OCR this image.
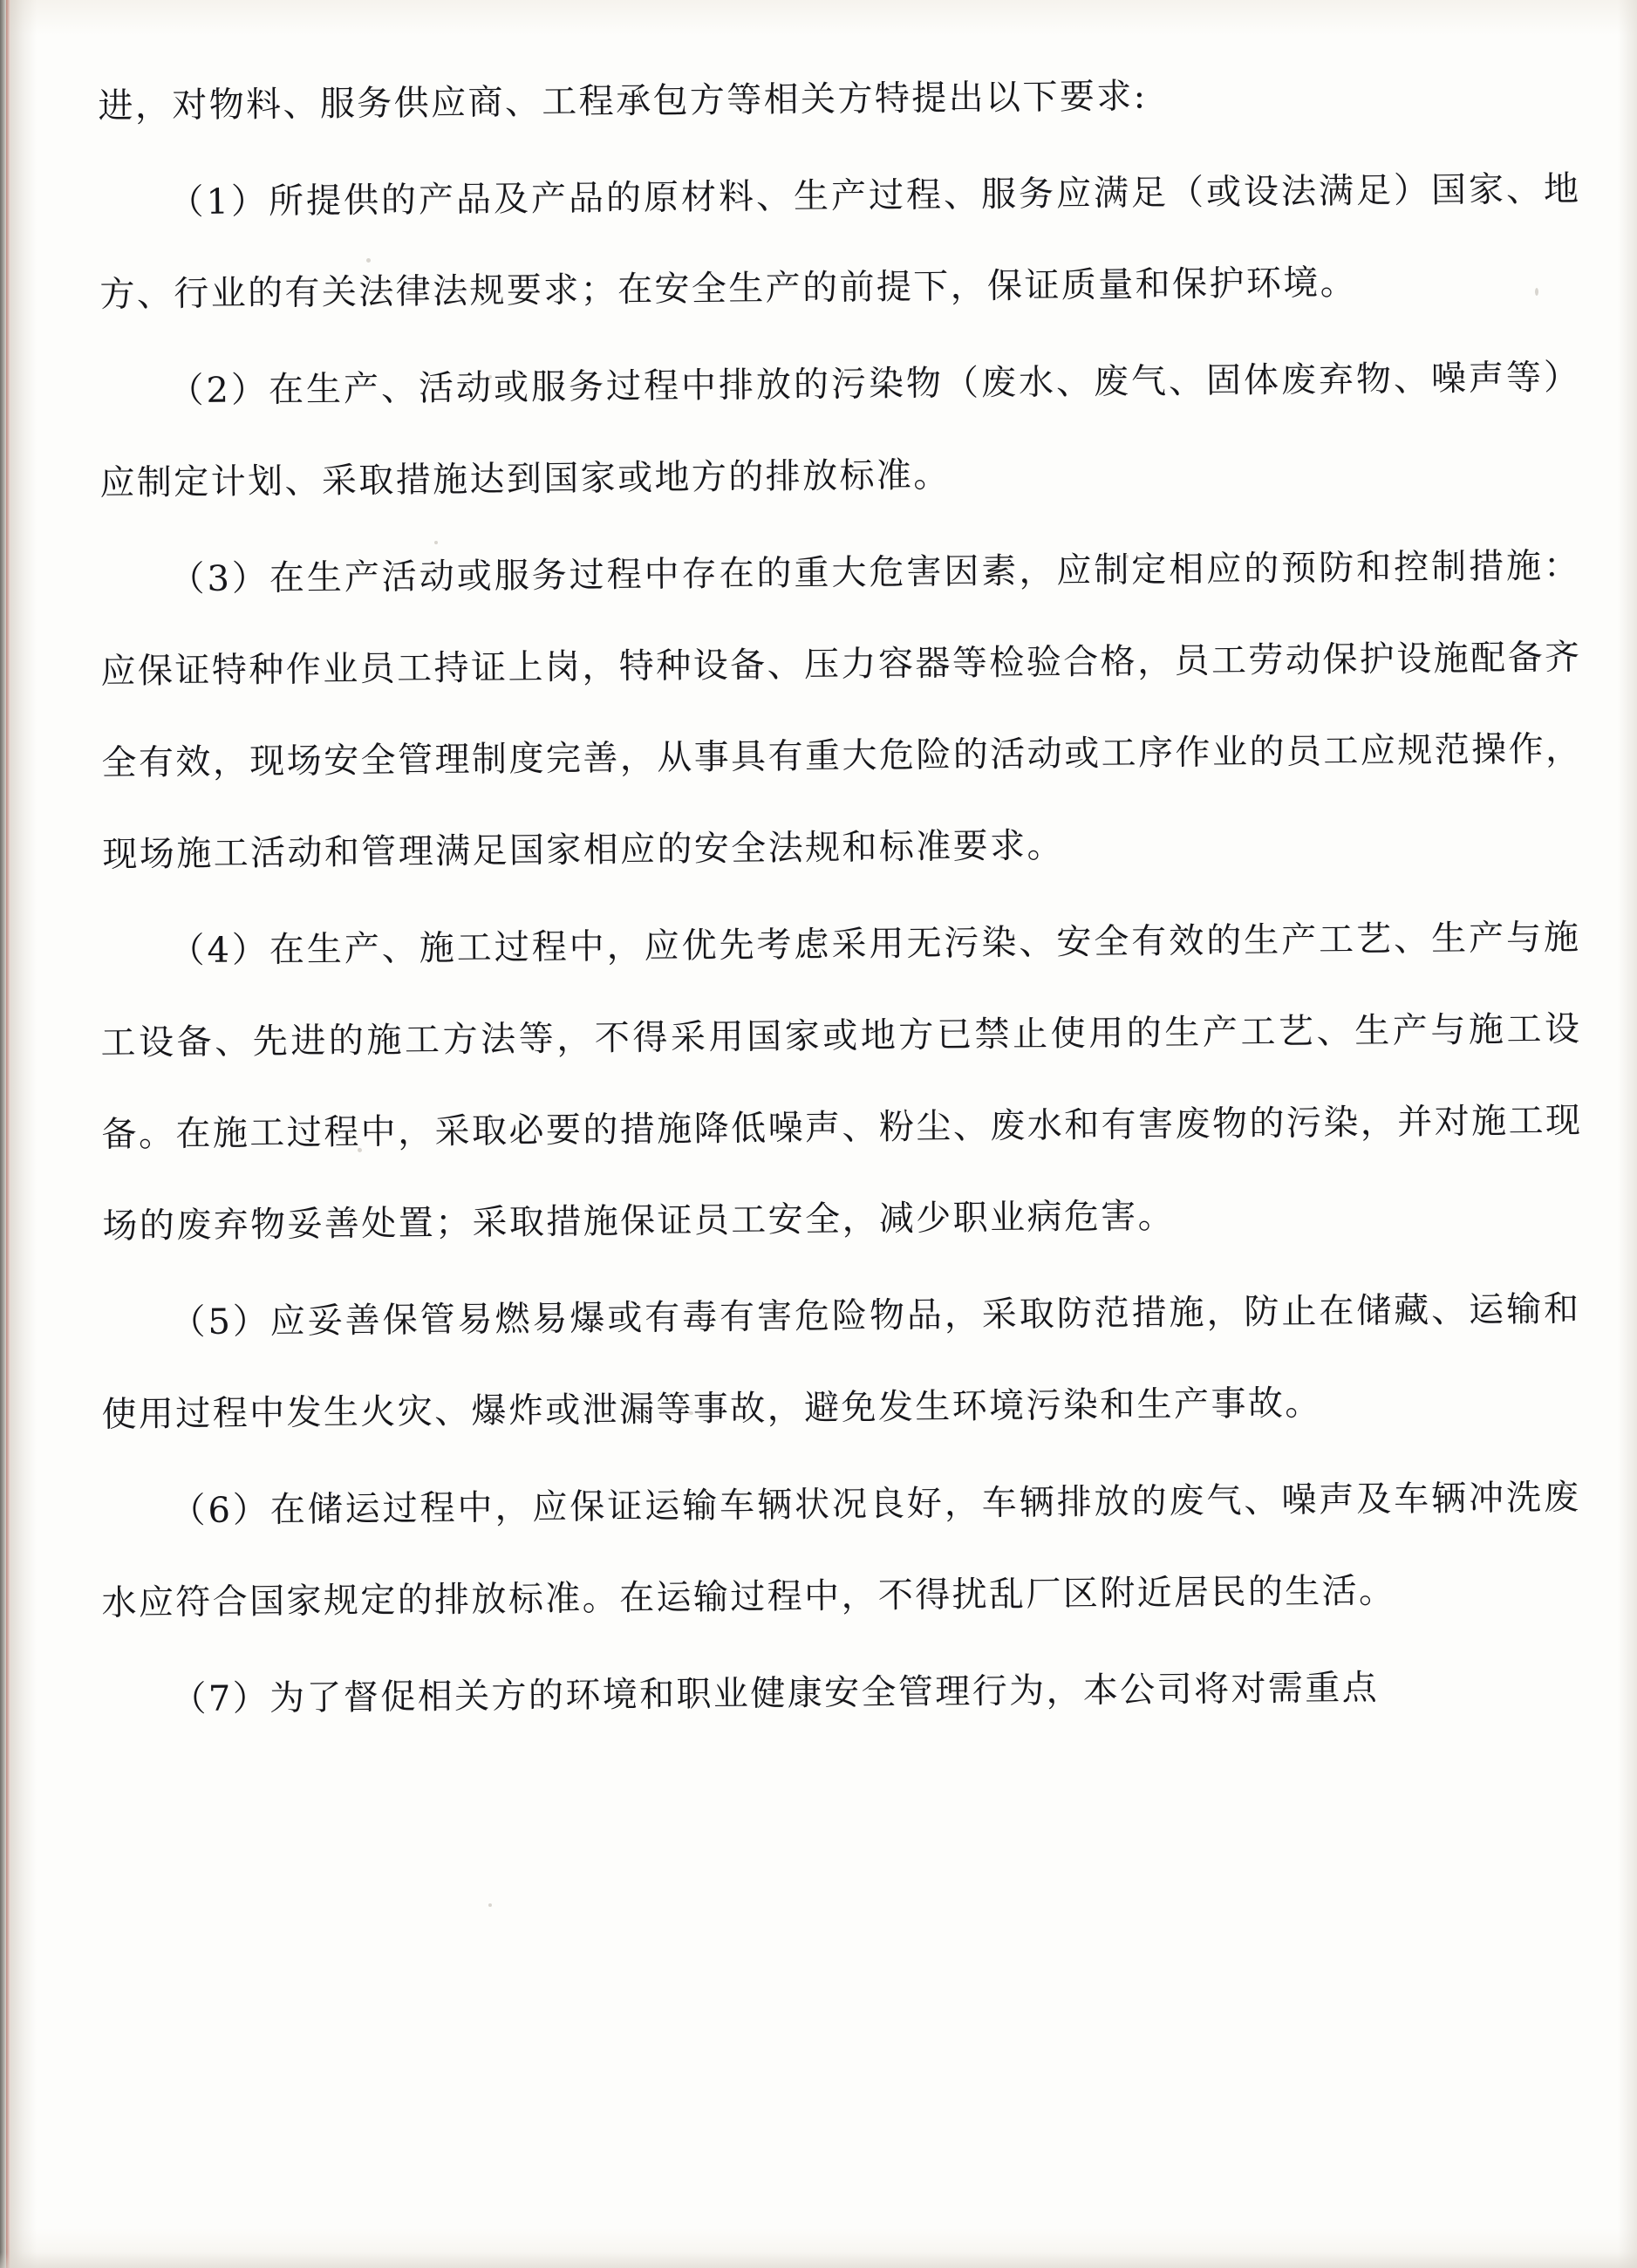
进，对物料、服务供应商、工程承包方等相关方特提出以下要求:

（1）所提供的产品及产品的原材料、生产过程、服务应满足（或设法满足）国家、地方、行业的有关法律法规要求；在安全生产的前提下，保证质量和保护环境。

（2）在生产、活动或服务过程中排放的污染物（废水、废气、固体废弃物、噪声等）应制定计划、采取措施达到国家或地方的排放标准。

（3）在生产活动或服务过程中存在的重大危害因素，应制定相应的预防和控制措施：应保证特种作业员工持证上岗，特种设备、压力容器等检验合格，员工劳动保护设施配备齐全有效，现场安全管理制度完善，从事具有重大危险的活动或工序作业的员工应规范操作，现场施工活动和管理满足国家相应的安全法规和标准要求。

（4）在生产、施工过程中，应优先考虑采用无污染、安全有效的生产工艺、生产与施工设备、先进的施工方法等，不得采用国家或地方已禁止使用的生产工艺、生产与施工设备。在施工过程中，采取必要的措施降低噪声、粉尘、废水和有害废物的污染，并对施工现场的废弃物妥善处置；采取措施保证员工安全，减少职业病危害。

（5）应妥善保管易燃易爆或有毒有害危险物品，采取防范措施，防止在储藏、运输和使用过程中发生火灾、爆炸或泄漏等事故，避免发生环境污染和生产事故。

（6）在储运过程中，应保证运输车辆状况良好，车辆排放的废气、噪声及车辆冲洗废水应符合国家规定的排放标准。在运输过程中，不得扰乱厂区附近居民的生活。

（7）为了督促相关方的环境和职业健康安全管理行为，本公司将对需重点
